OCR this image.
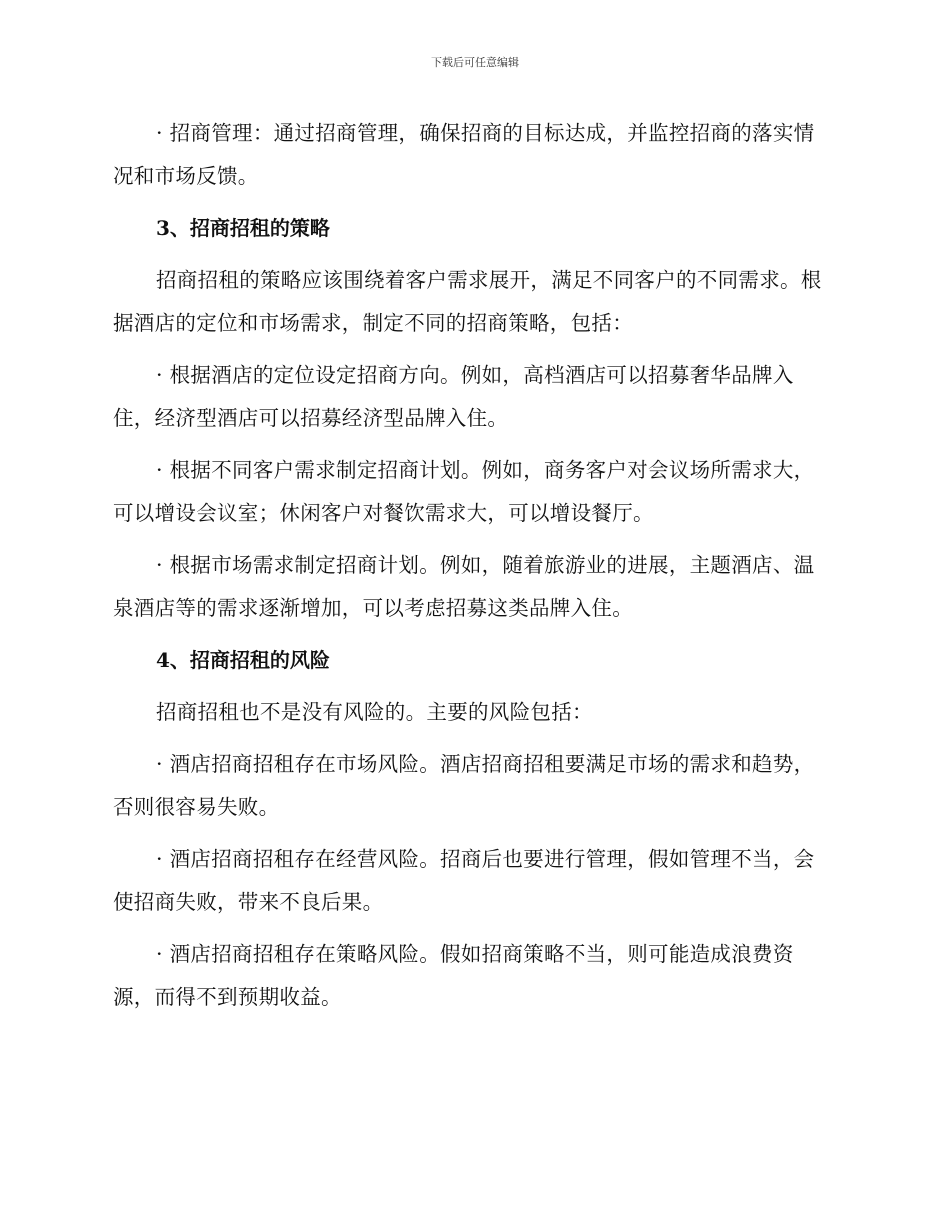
下载后可任意编辑

· 招商管理：通过招商管理，确保招商的目标达成，并监控招商的落实情况和市场反馈。

3、招商招租的策略

招商招租的策略应该围绕着客户需求展开，满足不同客户的不同需求。根据酒店的定位和市场需求，制定不同的招商策略，包括：

· 根据酒店的定位设定招商方向。例如，高档酒店可以招募奢华品牌入住，经济型酒店可以招募经济型品牌入住。

· 根据不同客户需求制定招商计划。例如，商务客户对会议场所需求大，可以增设会议室；休闲客户对餐饮需求大，可以增设餐厅。

· 根据市场需求制定招商计划。例如，随着旅游业的进展，主题酒店、温泉酒店等的需求逐渐增加，可以考虑招募这类品牌入住。

4、招商招租的风险

招商招租也不是没有风险的。主要的风险包括：

· 酒店招商招租存在市场风险。酒店招商招租要满足市场的需求和趋势，否则很容易失败。

· 酒店招商招租存在经营风险。招商后也要进行管理，假如管理不当，会使招商失败，带来不良后果。

· 酒店招商招租存在策略风险。假如招商策略不当，则可能造成浪费资源，而得不到预期收益。
